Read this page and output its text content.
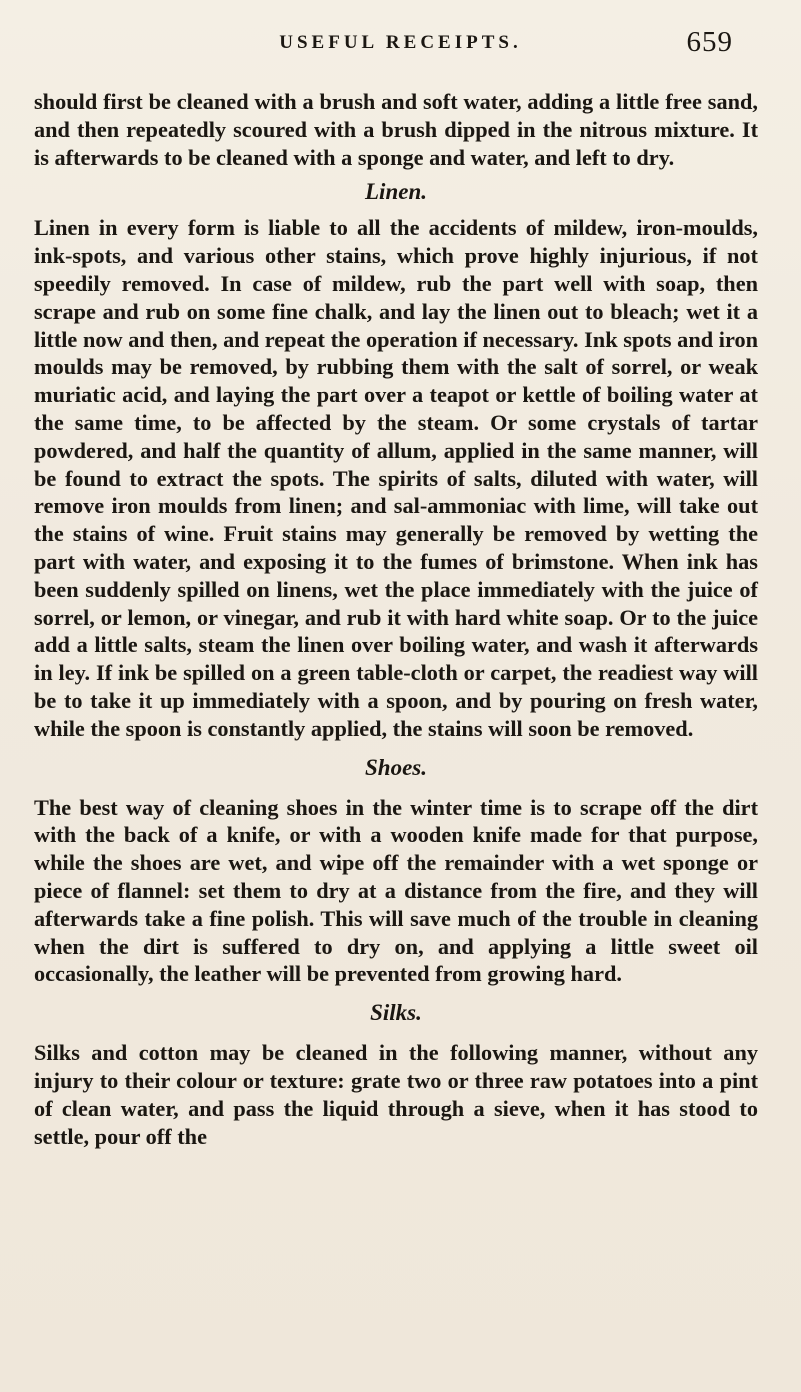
USEFUL RECEIPTS.	659

should first be cleaned with a brush and soft water, adding a little free sand, and then repeatedly scoured with a brush dipped in the nitrous mixture. It is afterwards to be cleaned with a sponge and water, and left to dry.

Linen.

Linen in every form is liable to all the accidents of mildew, iron-moulds, ink-spots, and various other stains, which prove highly injurious, if not speedily removed. In case of mildew, rub the part well with soap, then scrape and rub on some fine chalk, and lay the linen out to bleach; wet it a little now and then, and repeat the operation if necessary. Ink spots and iron moulds may be removed, by rubbing them with the salt of sorrel, or weak muriatic acid, and laying the part over a teapot or kettle of boiling water at the same time, to be affected by the steam. Or some crystals of tartar powdered, and half the quantity of allum, applied in the same manner, will be found to extract the spots. The spirits of salts, diluted with water, will remove iron moulds from linen; and sal-ammoniac with lime, will take out the stains of wine. Fruit stains may generally be removed by wetting the part with water, and exposing it to the fumes of brimstone. When ink has been suddenly spilled on linens, wet the place immediately with the juice of sorrel, or lemon, or vinegar, and rub it with hard white soap. Or to the juice add a little salts, steam the linen over boiling water, and wash it afterwards in ley. If ink be spilled on a green table-cloth or carpet, the readiest way will be to take it up immediately with a spoon, and by pouring on fresh water, while the spoon is constantly applied, the stains will soon be removed.

Shoes.

The best way of cleaning shoes in the winter time is to scrape off the dirt with the back of a knife, or with a wooden knife made for that purpose, while the shoes are wet, and wipe off the remainder with a wet sponge or piece of flannel: set them to dry at a distance from the fire, and they will afterwards take a fine polish. This will save much of the trouble in cleaning when the dirt is suffered to dry on, and applying a little sweet oil occasionally, the leather will be prevented from growing hard.

Silks.

Silks and cotton may be cleaned in the following manner, without any injury to their colour or texture: grate two or three raw potatoes into a pint of clean water, and pass the liquid through a sieve, when it has stood to settle, pour off the
